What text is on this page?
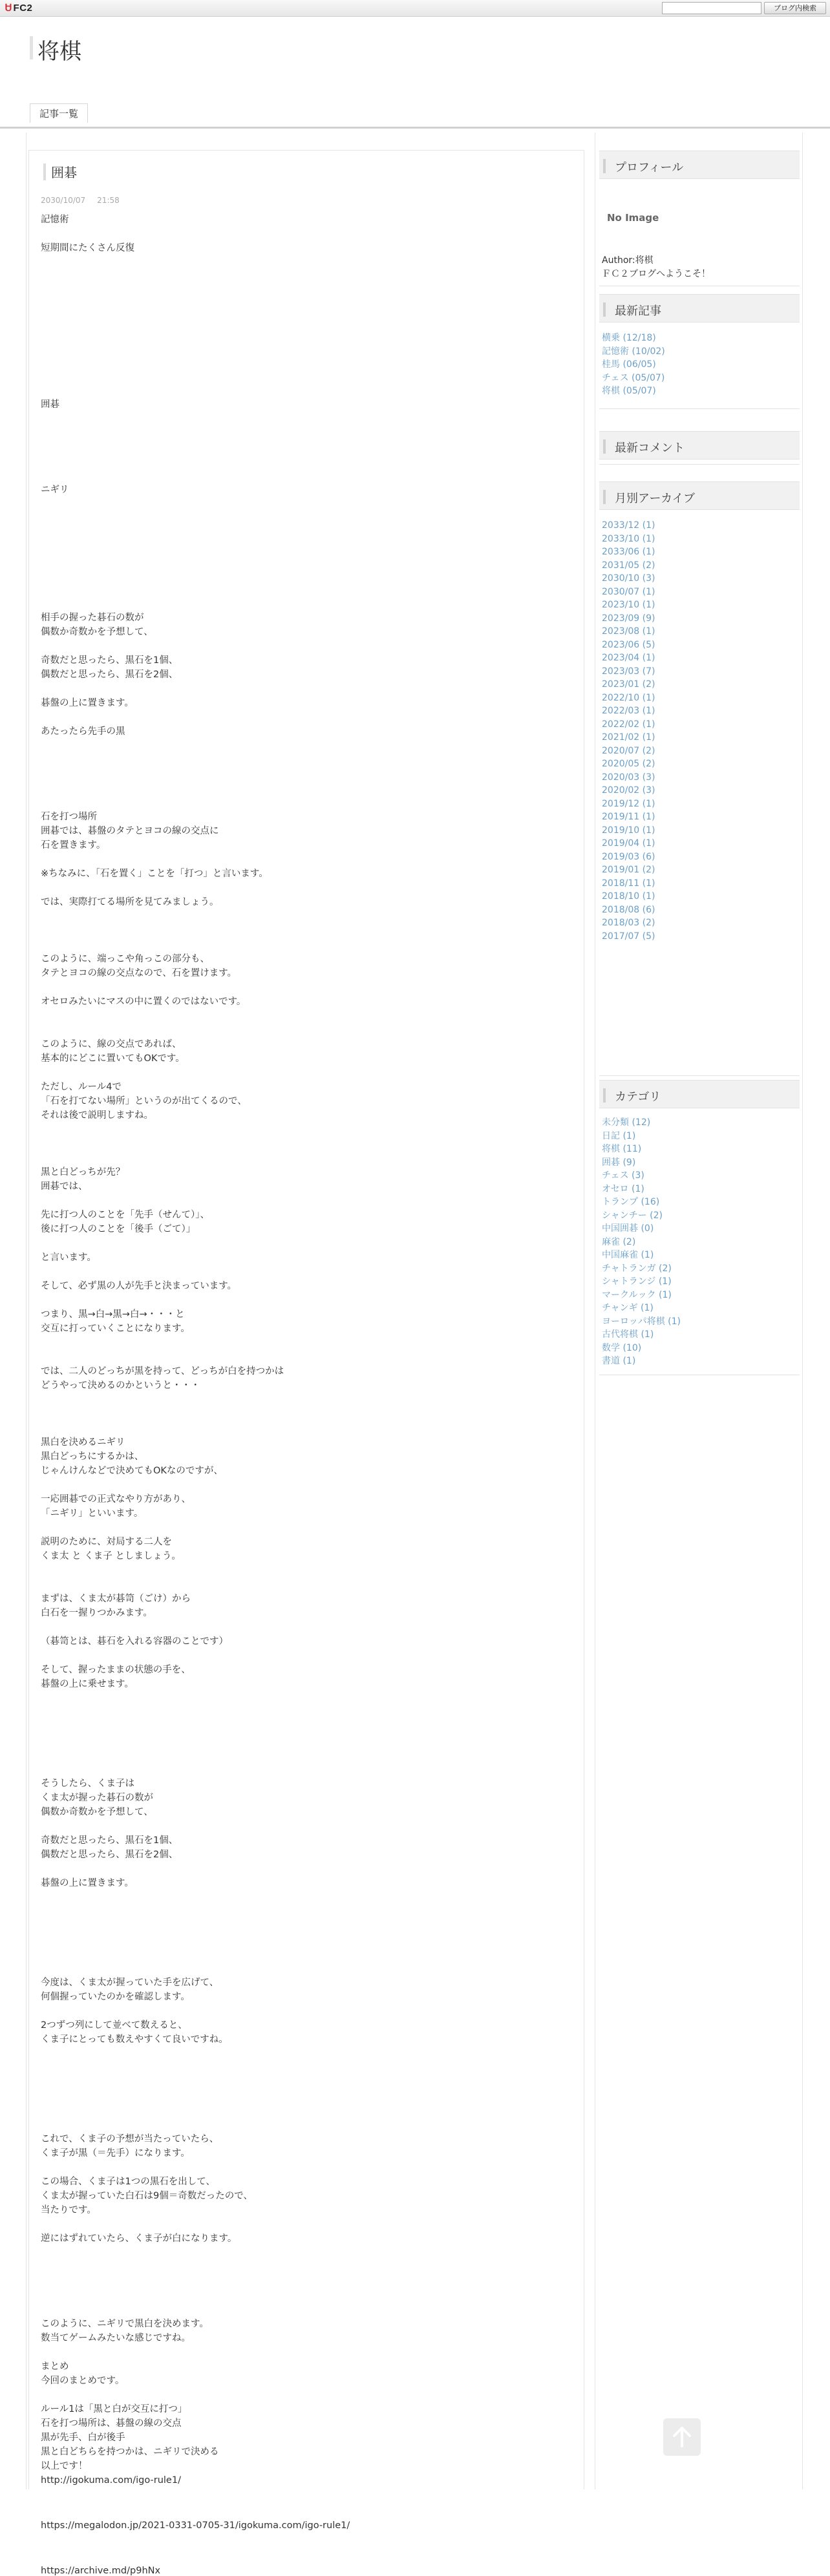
Ꮜ FC2	ブログ内検索
将棋
記事一覧
囲碁
2030/10/07 21:58
記憶術
短期間にたくさん反復
囲碁
ニギリ
相手の握った碁石の数が
偶数か奇数かを予想して、
奇数だと思ったら、黒石を1個、
偶数だと思ったら、黒石を2個、
碁盤の上に置きます。
あたったら先手の黒
石を打つ場所
囲碁では、碁盤のタテとヨコの線の交点に
石を置きます。
※ちなみに、「石を置く」ことを「打つ」と言います。
では、実際打てる場所を見てみましょう。
このように、端っこや角っこの部分も、
タテとヨコの線の交点なので、石を置けます。
オセロみたいにマスの中に置くのではないです。
このように、線の交点であれば、
基本的にどこに置いてもOKです。
ただし、ルール4で
「石を打てない場所」というのが出てくるので、
それは後で説明しますね。
黒と白どっちが先？
囲碁では、
先に打つ人のことを「先手（せんて）」、
後に打つ人のことを「後手（ごて）」
と言います。
そして、必ず黒の人が先手と決まっています。
つまり、黒→白→黒→白→・・・と
交互に打っていくことになります。
では、二人のどっちが黒を持って、どっちが白を持つかは
どうやって決めるのかというと・・・
黒白を決めるニギリ
黒白どっちにするかは、
じゃんけんなどで決めてもOKなのですが、
一応囲碁での正式なやり方があり、
「ニギリ」といいます。
説明のために、対局する二人を
くま太 と くま子 としましょう。
まずは、くま太が碁笥（ごけ）から
白石を一握りつかみます。
（碁笥とは、碁石を入れる容器のことです）
そして、握ったままの状態の手を、
碁盤の上に乗せます。
そうしたら、くま子は
くま太が握った碁石の数が
偶数か奇数かを予想して、
奇数だと思ったら、黒石を1個、
偶数だと思ったら、黒石を2個、
碁盤の上に置きます。
今度は、くま太が握っていた手を広げて、
何個握っていたのかを確認します。
2つずつ列にして並べて数えると、
くま子にとっても数えやすくて良いですね。
これで、くま子の予想が当たっていたら、
くま子が黒（＝先手）になります。
この場合、くま子は1つの黒石を出して、
くま太が握っていた白石は9個＝奇数だったので、
当たりです。
逆にはずれていたら、くま子が白になります。
このように、ニギリで黒白を決めます。
数当てゲームみたいな感じですね。
まとめ
今回のまとめです。
ルール1は「黒と白が交互に打つ」
石を打つ場所は、碁盤の線の交点
黒が先手、白が後手
黒と白どちらを持つかは、ニギリで決める
以上です！
http://igokuma.com/igo-rule1/
https://megalodon.jp/2021-0331-0705-31/igokuma.com/igo-rule1/
https://archive.md/p9hNx
プロフィール
No Image
Author:将棋
ＦＣ２ブログへようこそ！
最新記事
横乗 (12/18)
記憶術 (10/02)
桂馬 (06/05)
チェス (05/07)
将棋 (05/07)
最新コメント
月別アーカイブ
2033/12 (1)
2033/10 (1)
2033/06 (1)
2031/05 (2)
2030/10 (3)
2030/07 (1)
2023/10 (1)
2023/09 (9)
2023/08 (1)
2023/06 (5)
2023/04 (1)
2023/03 (7)
2023/01 (2)
2022/10 (1)
2022/03 (1)
2022/02 (1)
2021/02 (1)
2020/07 (2)
2020/05 (2)
2020/03 (3)
2020/02 (3)
2019/12 (1)
2019/11 (1)
2019/10 (1)
2019/04 (1)
2019/03 (6)
2019/01 (2)
2018/11 (1)
2018/10 (1)
2018/08 (6)
2018/03 (2)
2017/07 (5)
カテゴリ
未分類 (12)
日記 (1)
将棋 (11)
囲碁 (9)
チェス (3)
オセロ (1)
トランプ (16)
シャンチー (2)
中国囲碁 (0)
麻雀 (2)
中国麻雀 (1)
チャトランガ (2)
シャトランジ (1)
マークルック (1)
チャンギ (1)
ヨーロッパ将棋 (1)
古代将棋 (1)
数学 (10)
書道 (1)
